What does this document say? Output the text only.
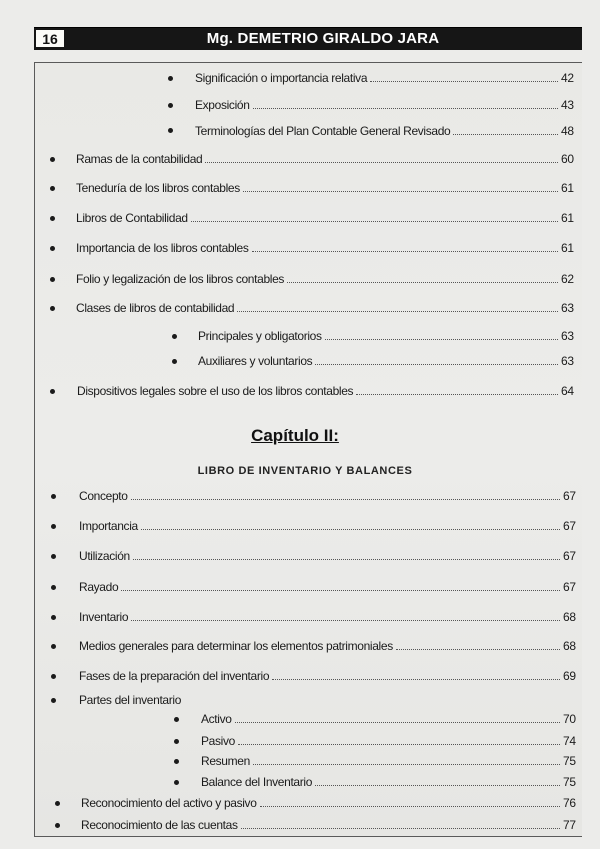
16	Mg. DEMETRIO GIRALDO JARA
Significación o importancia relativa	42
Exposición	43
Terminologías del Plan Contable General Revisado	48
Ramas de la contabilidad	60
Teneduría de los libros contables	61
Libros de Contabilidad	61
Importancia de los libros contables	61
Folio y legalización de los libros contables	62
Clases de libros de contabilidad	63
Principales y obligatorios	63
Auxiliares y voluntarios	63
Dispositivos legales sobre el uso de los libros contables	64
Capítulo II:
LIBRO DE INVENTARIO Y BALANCES
Concepto	67
Importancia	67
Utilización	67
Rayado	67
Inventario	68
Medios generales para determinar los elementos patrimoniales	68
Fases de la preparación del inventario	69
Partes del inventario
Activo	70
Pasivo	74
Resumen	75
Balance del Inventario	75
Reconocimiento del activo y pasivo	76
Reconocimiento de las cuentas	77
